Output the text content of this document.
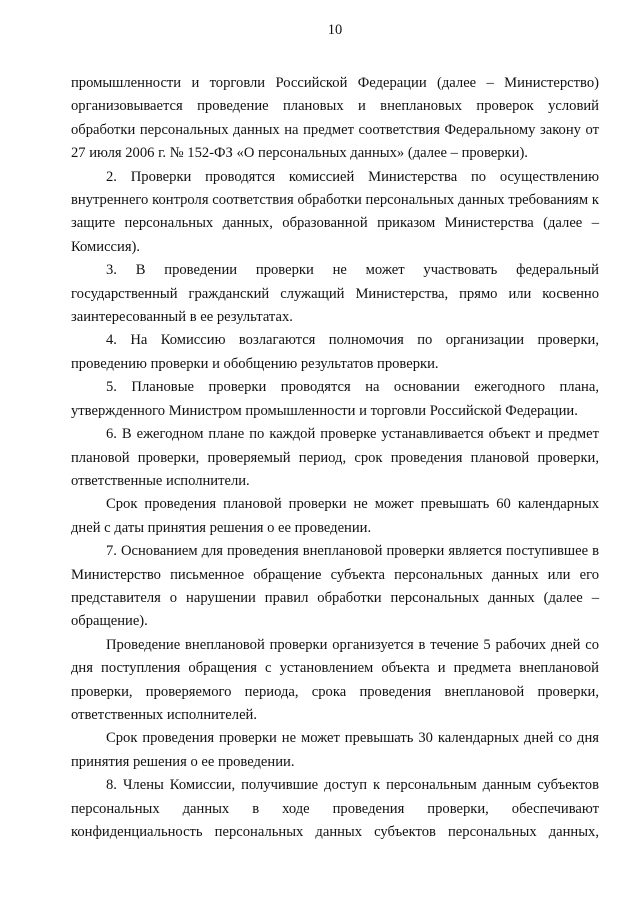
10

промышленности и торговли Российской Федерации (далее – Министерство) организовывается проведение плановых и внеплановых проверок условий обработки персональных данных на предмет соответствия Федеральному закону от 27 июля 2006 г. № 152-ФЗ «О персональных данных» (далее – проверки).

2. Проверки проводятся комиссией Министерства по осуществлению внутреннего контроля соответствия обработки персональных данных требованиям к защите персональных данных, образованной приказом Министерства (далее – Комиссия).

3. В проведении проверки не может участвовать федеральный государственный гражданский служащий Министерства, прямо или косвенно заинтересованный в ее результатах.

4. На Комиссию возлагаются полномочия по организации проверки, проведению проверки и обобщению результатов проверки.

5. Плановые проверки проводятся на основании ежегодного плана, утвержденного Министром промышленности и торговли Российской Федерации.

6. В ежегодном плане по каждой проверке устанавливается объект и предмет плановой проверки, проверяемый период, срок проведения плановой проверки, ответственные исполнители.

Срок проведения плановой проверки не может превышать 60 календарных дней с даты принятия решения о ее проведении.

7. Основанием для проведения внеплановой проверки является поступившее в Министерство письменное обращение субъекта персональных данных или его представителя о нарушении правил обработки персональных данных (далее – обращение).

Проведение внеплановой проверки организуется в течение 5 рабочих дней со дня поступления обращения с установлением объекта и предмета внеплановой проверки, проверяемого периода, срока проведения внеплановой проверки, ответственных исполнителей.

Срок проведения проверки не может превышать 30 календарных дней со дня принятия решения о ее проведении.

8. Члены Комиссии, получившие доступ к персональным данным субъектов персональных данных в ходе проведения проверки, обеспечивают конфиденциальность персональных данных субъектов персональных данных,
